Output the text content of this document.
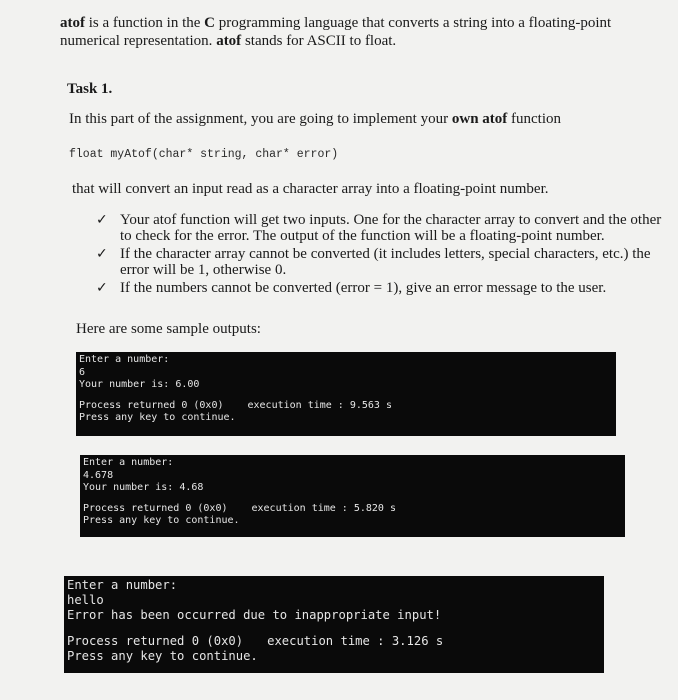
atof is a function in the C programming language that converts a string into a floating-point numerical representation. atof stands for ASCII to float.
Task 1.
In this part of the assignment, you are going to implement your own atof function
float myAtof(char* string, char* error)
that will convert an input read as a character array into a floating-point number.
✓ Your atof function will get two inputs. One for the character array to convert and the other to check for the error. The output of the function will be a floating-point number.
✓ If the character array cannot be converted (it includes letters, special characters, etc.) the error will be 1, otherwise 0.
✓ If the numbers cannot be converted (error = 1), give an error message to the user.
Here are some sample outputs:
Enter a number:
6
Your number is: 6.00
Process returned 0 (0x0) execution time : 9.563 s
Press any key to continue.
Enter a number:
4.678
Your number is: 4.68
Process returned 0 (0x0) execution time : 5.820 s
Press any key to continue.
Enter a number:
hello
Error has been occurred due to inappropriate input!
Process returned 0 (0x0) execution time : 3.126 s
Press any key to continue.
